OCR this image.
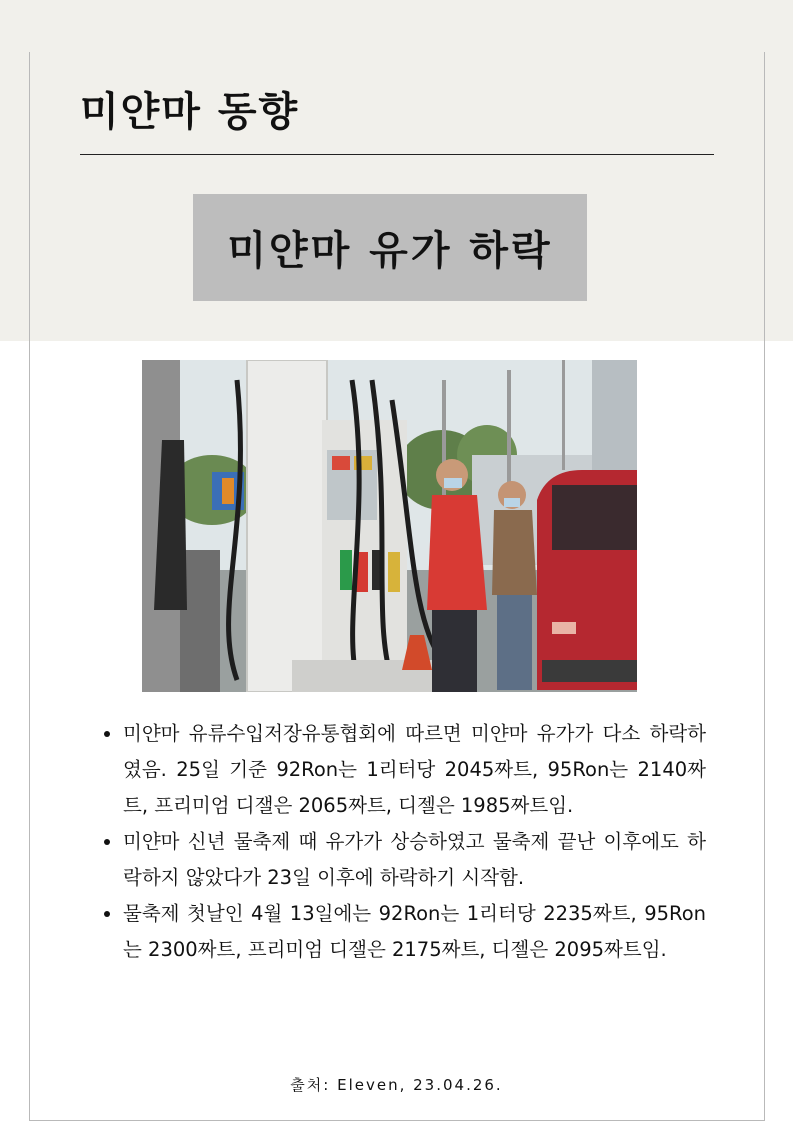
미얀마 동향
미얀마 유가 하락
미얀마 유류수입저장유통협회에 따르면 미얀마 유가가 다소 하락하였음. 25일 기준 92Ron는 1리터당 2045짜트, 95Ron는 2140짜트, 프리미엄 디잴은 2065짜트, 디젤은 1985짜트임.
미얀마 신년 물축제 때 유가가 상승하였고 물축제 끝난 이후에도 하락하지 않았다가 23일 이후에 하락하기 시작함.
물축제 첫날인 4월 13일에는 92Ron는 1리터당 2235짜트, 95Ron는 2300짜트, 프리미엄 디잴은 2175짜트, 디젤은 2095짜트임.
출처: Eleven, 23.04.26.
